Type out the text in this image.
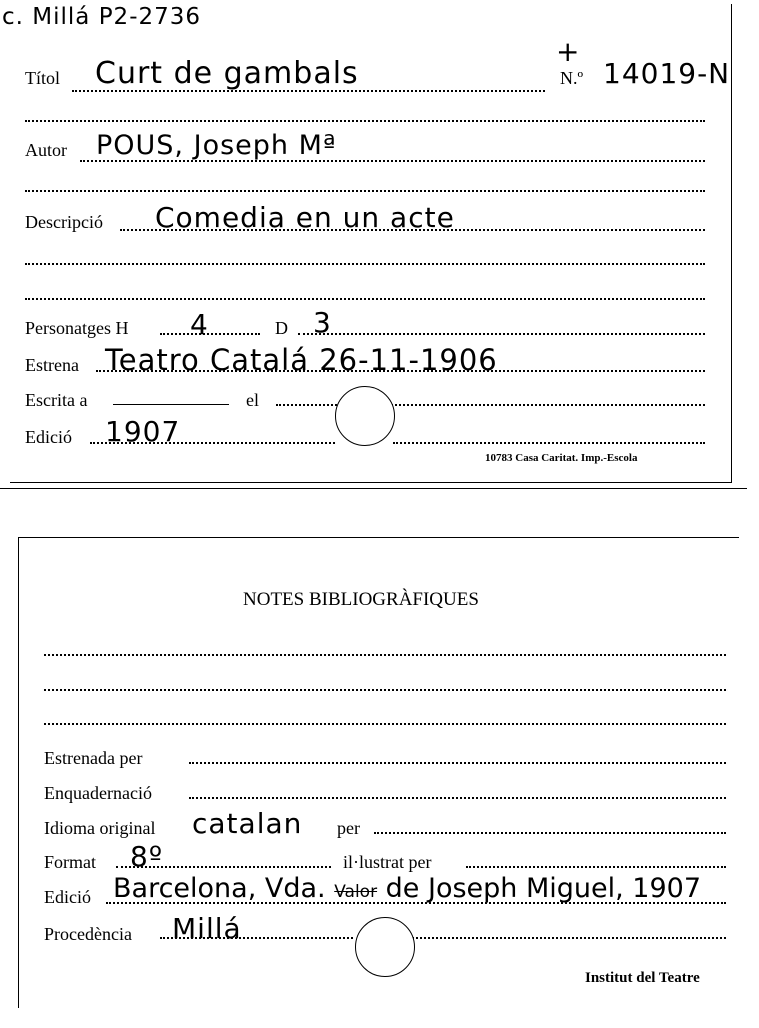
c. Millá P2-2736
Títol Curt de gambals
+
N.º 14019-N
Autor POUS, Joseph Mª
Descripció Comedia en un acte
Personatges H 4	D 3
Estrena Teatro Catalá 26-11-1906
Escrita a	el
Edició 1907
10783 Casa Caritat. Imp.-Escola
NOTES BIBLIOGRÀFIQUES
Estrenada per
Enquadernació
Idioma original catalan per
Format 8º	il·lustrat per
Edició Barcelona, Vda. Valor de Joseph Miguel, 1907
Procedència Millá
Institut del Teatre
